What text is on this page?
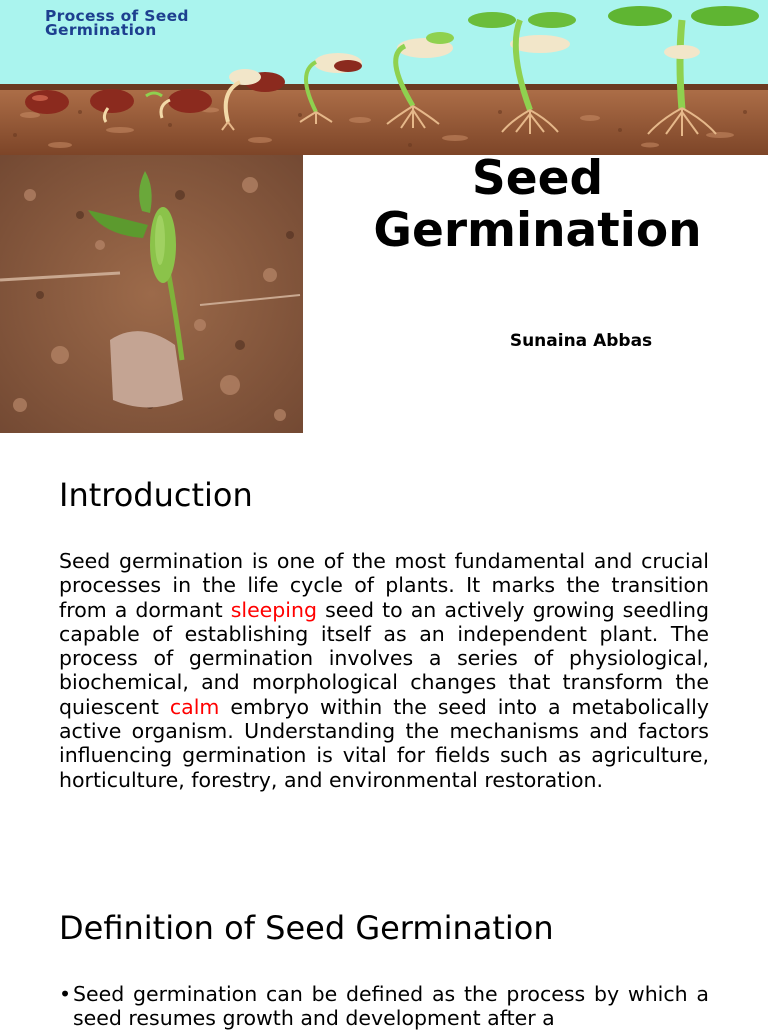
Process of Seed
Germination
Seed
Germination
Sunaina Abbas
Introduction

Seed germination is one of the most fundamental and crucial processes in the life cycle of plants. It marks the transition from a dormant sleeping seed to an actively growing seedling capable of establishing itself as an independent plant. The process of germination involves a series of physiological, biochemical, and morphological changes that transform the quiescent calm embryo within the seed into a metabolically active organism. Understanding the mechanisms and factors influencing germination is vital for fields such as agriculture, horticulture, forestry, and environmental restoration.

Definition of Seed Germination
• Seed germination can be defined as the process by which a seed resumes growth and development after a
